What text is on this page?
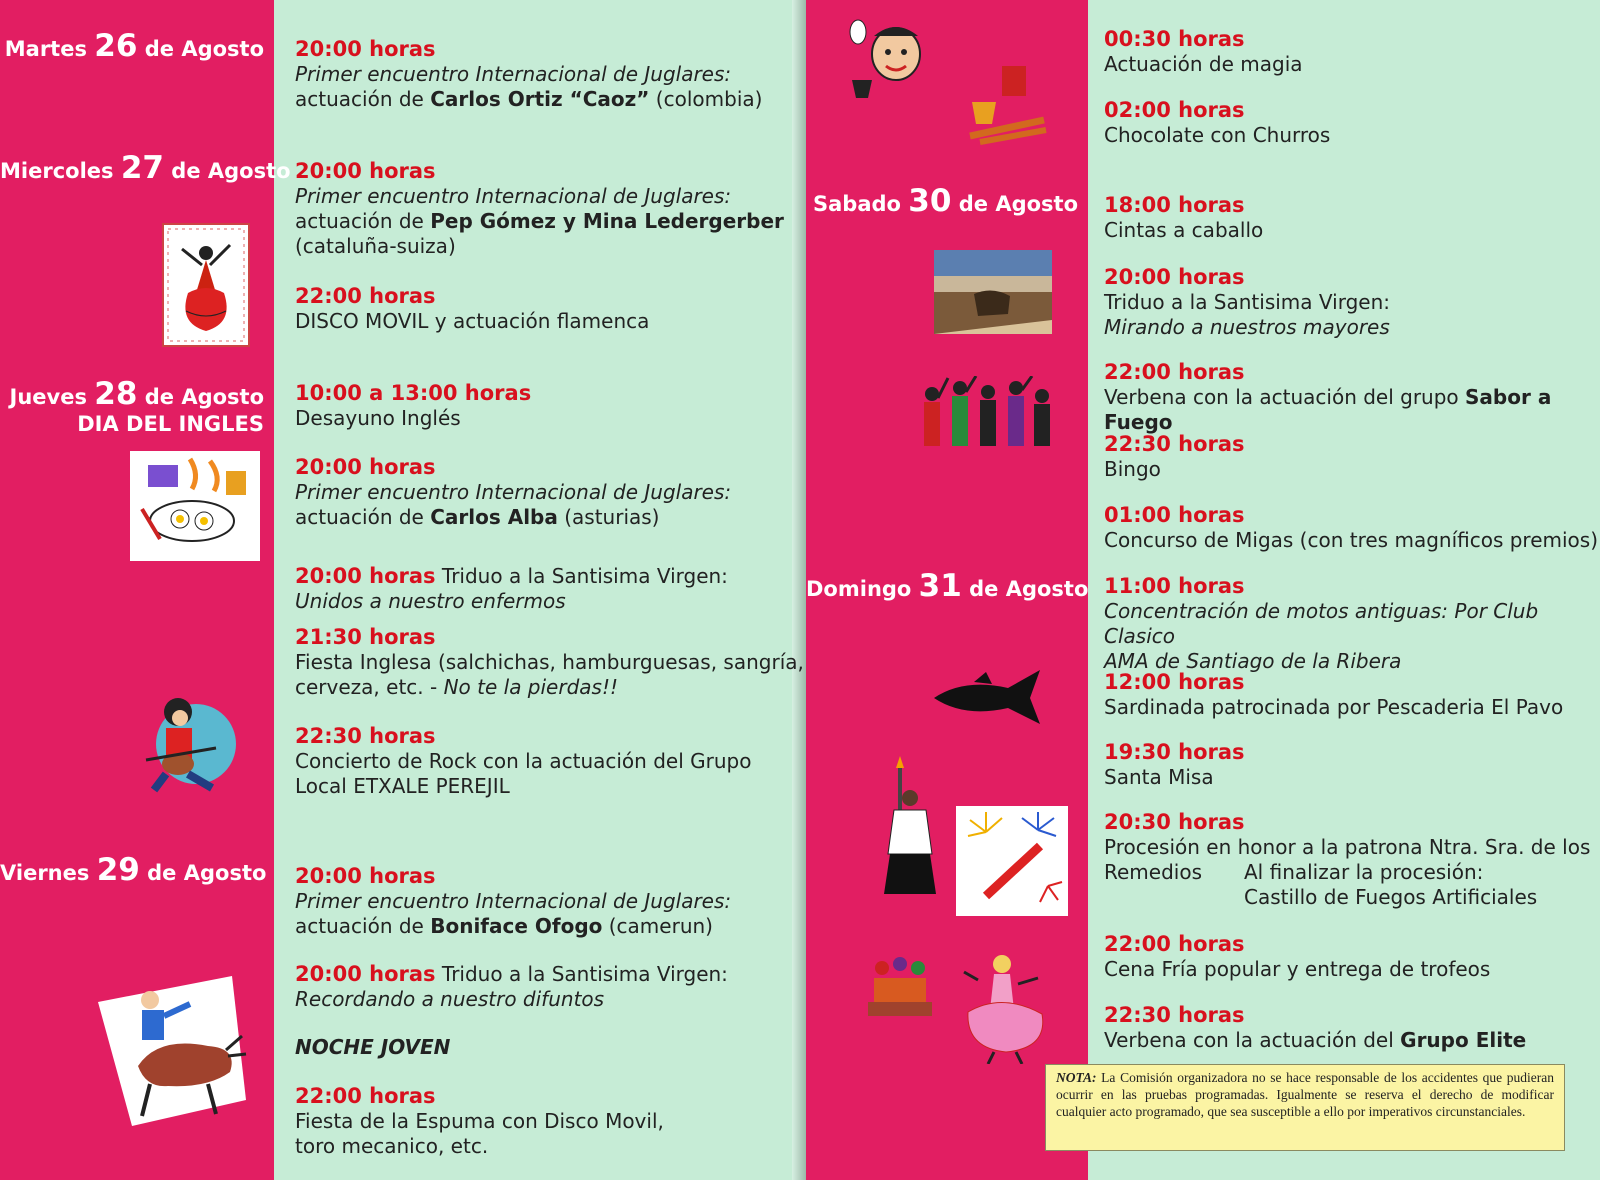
Martes 26 de Agosto
Miercoles 27 de Agosto
Jueves 28 de Agosto
DIA DEL INGLES
Viernes 29 de Agosto
20:00 horas
Primer encuentro Internacional de Juglares:
actuación de Carlos Ortiz “Caoz” (colombia)
20:00 horas
Primer encuentro Internacional de Juglares:
actuación de Pep Gómez y Mina Ledergerber
(cataluña-suiza)
22:00 horas
DISCO MOVIL y actuación flamenca
10:00 a 13:00 horas
Desayuno Inglés
20:00 horas
Primer encuentro Internacional de Juglares:
actuación de Carlos Alba (asturias)
20:00 horas Triduo a la Santisima Virgen:
Unidos a nuestro enfermos
21:30 horas
Fiesta Inglesa (salchichas, hamburguesas, sangría,
cerveza, etc. - No te la pierdas!!
22:30 horas
Concierto de Rock con la actuación del Grupo
Local ETXALE PEREJIL
20:00 horas
Primer encuentro Internacional de Juglares:
actuación de Boniface Ofogo (camerun)
20:00 horas Triduo a la Santisima Virgen:
Recordando a nuestro difuntos
NOCHE JOVEN
22:00 horas
Fiesta de la Espuma con Disco Movil,
toro mecanico, etc.
Sabado 30 de Agosto
Domingo 31 de Agosto
00:30 horas
Actuación de magia
02:00 horas
Chocolate con Churros
18:00 horas
Cintas a caballo
20:00 horas
Triduo a la Santisima Virgen:
Mirando a nuestros mayores
22:00 horas
Verbena con la actuación del grupo Sabor a Fuego
22:30 horas
Bingo
01:00 horas
Concurso de Migas (con tres magníficos premios)
11:00 horas
Concentración de motos antiguas: Por Club Clasico
AMA de Santiago de la Ribera
12:00 horas
Sardinada patrocinada por Pescaderia El Pavo
19:30 horas
Santa Misa
20:30 horas
Procesión en honor a la patrona Ntra. Sra. de los
Remedios Al finalizar la procesión:
Castillo de Fuegos Artificiales
22:00 horas
Cena Fría popular y entrega de trofeos
22:30 horas
Verbena con la actuación del Grupo Elite
NOTA: La Comisión organizadora no se hace responsable de los accidentes que pudieran ocurrir en las pruebas programadas. Igualmente se reserva el derecho de modificar cualquier acto programado, que sea susceptible a ello por imperativos circunstanciales.
